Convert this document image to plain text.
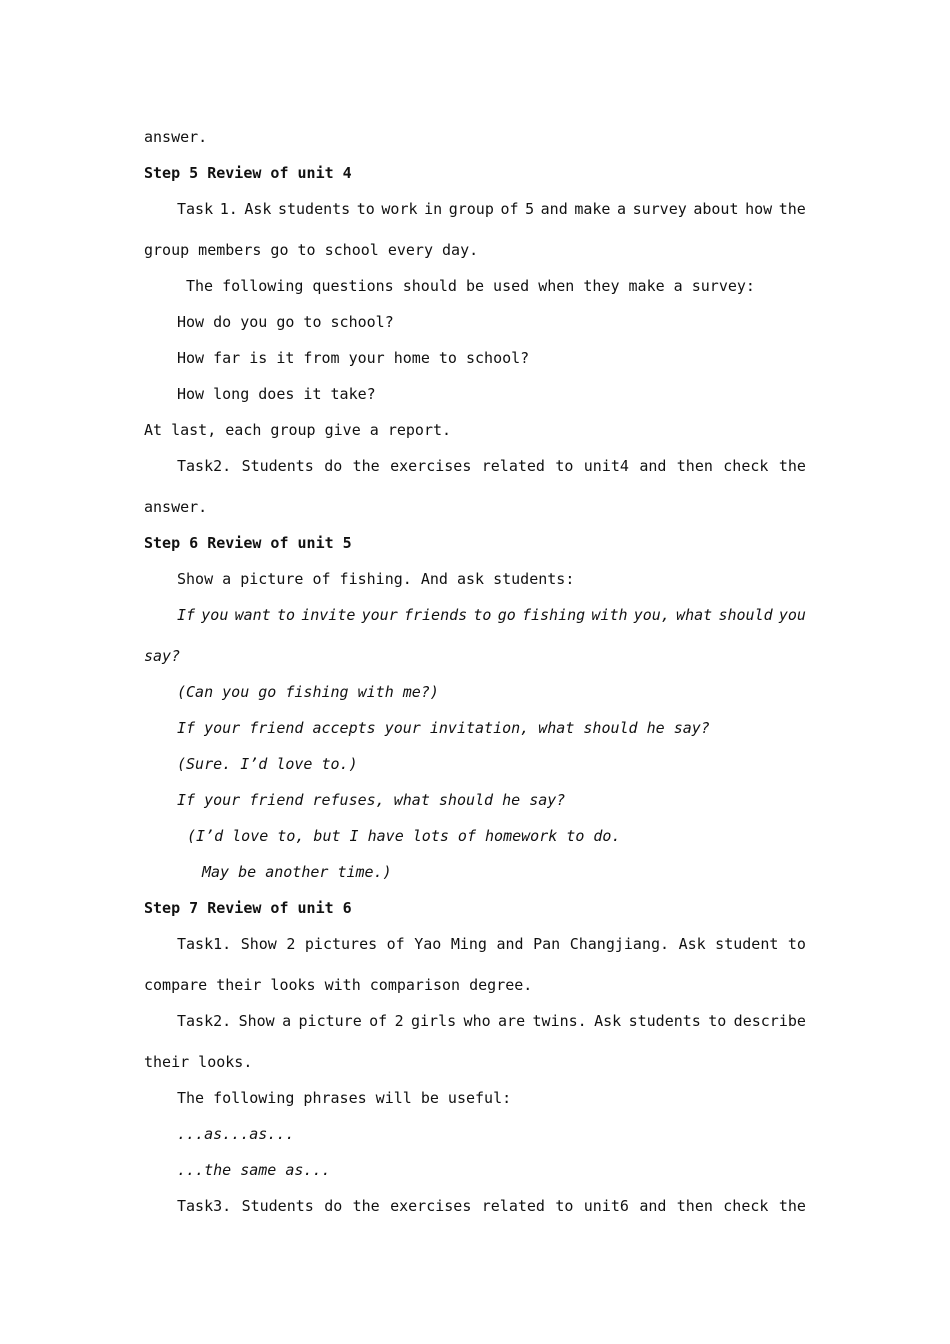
answer.
Step 5 Review of unit 4
Task 1. Ask students to work in group of 5 and make a survey about how the
group members go to school every day.
The following questions should be used when they make a survey:
How do you go to school?
How far is it from your home to school?
How long does it take?
At last, each group give a report.
Task2. Students do the exercises related to unit4 and then check the
answer.
Step 6 Review of unit 5
Show a picture of fishing. And ask students:
If you want to invite your friends to go fishing with you, what should you
say?
(Can you go fishing with me?)
If your friend accepts your invitation, what should he say?
(Sure. I’d love to.)
If your friend refuses, what should he say?
(I’d love to, but I have lots of homework to do.
May be another time.)
Step 7 Review of unit 6
Task1. Show 2 pictures of Yao Ming and Pan Changjiang. Ask student to
compare their looks with comparison degree.
Task2. Show a picture of 2 girls who are twins. Ask students to describe
their looks.
The following phrases will be useful:
...as...as...
...the same as...
Task3. Students do the exercises related to unit6 and then check the
